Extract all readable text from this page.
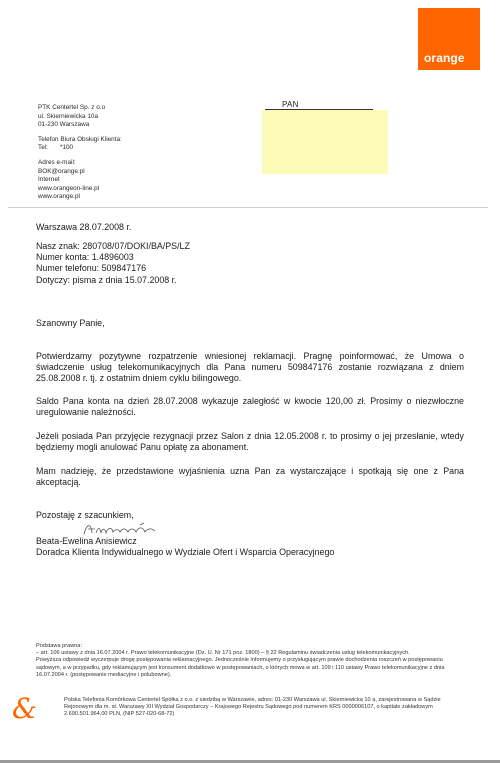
orange
PTK Centertel Sp. z o.o
ul. Skierniewicka 10a
01-230 Warszawa
Telefon Biura Obsługi Klienta:
Tel: *100
Adres e-mail:
BOK@orange.pl
Internet
www.orangeon-line.pl
www.orange.pl
PAN
Warszawa 28.07.2008 r.
Nasz znak: 280708/07/DOKI/BA/PS/LZ
Numer konta: 1.4896003
Numer telefonu: 509847176
Dotyczy: pisma z dnia 15.07.2008 r.
Szanowny Panie,
Potwierdzamy pozytywne rozpatrzenie wniesionej reklamacji. Pragnę poinformować, że Umowa o świadczenie usług telekomunikacyjnych dla Pana numeru 509847176 zostanie rozwiązana z dniem 25.08.2008 r. tj. z ostatnim dniem cyklu bilingowego.
Saldo Pana konta na dzień 28.07.2008 wykazuje zaległość w kwocie 120,00 zł. Prosimy o niezwłoczne uregulowanie należności.
Jeżeli posiada Pan przyjęcie rezygnacji przez Salon z dnia 12.05.2008 r. to prosimy o jej przesłanie, wtedy będziemy mogli anulować Panu opłatę za abonament.
Mam nadzieję, że przedstawione wyjaśnienia uzna Pan za wystarczające i spotkają się one z Pana akceptacją.
Pozostaję z szacunkiem,
Beata-Ewelina Anisiewicz
Doradca Klienta Indywidualnego w Wydziale Ofert i Wsparcia Operacyjnego
Podstawa prawna:
– art. 106 ustawy z dnia 16.07.2004 r. Prawo telekomunikacyjne (Dz. U. Nr 171 poz. 1800) – § 22 Regulaminu świadczenia usług telekomunikacyjnych.
Powyższa odpowiedź wyczerpuje drogę postępowania reklamacyjnego. Jednocześnie informujemy o przysługującym prawie dochodzenia roszczeń w postępowaniu sądowym, a w przypadku, gdy reklamującym jest konsument dodatkowo w postępowaniach, o których mowa w art. 109 i 110 ustawy Prawo telekomunikacyjne z dnia 16.07.2004 r. (postępowanie mediacyjne i polubowne).
&	Polska Telefonia Komórkowa Centertel Spółka z o.o. z siedzibą w Warszawie, adres: 01-230 Warszawa ul. Skierniewicka 10 a, zarejestrowana w Sądzie Rejonowym dla m. st. Warszawy XII Wydział Gospodarczy – Krajowego Rejestru Sądowego pod numerem KRS 0000006107, o kapitale zakładowym 2.690.501.964,00 PLN, (NIP 527-020-68-72)
